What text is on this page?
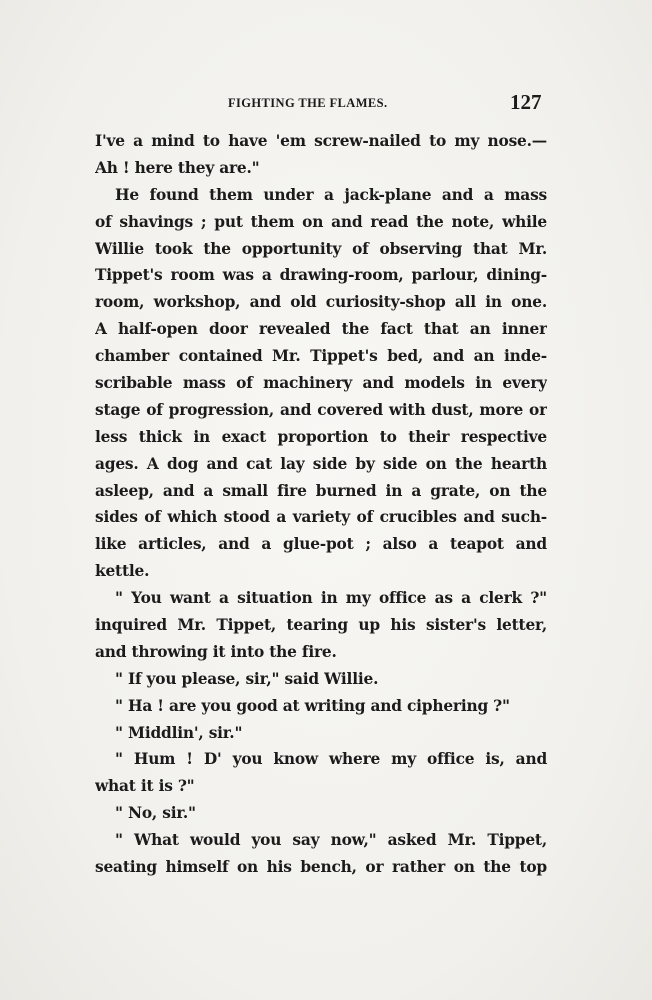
FIGHTING THE FLAMES.	127
I've a mind to have 'em screw-nailed to my nose.—
Ah ! here they are."
He found them under a jack-plane and a mass
of shavings ; put them on and read the note, while
Willie took the opportunity of observing that Mr.
Tippet's room was a drawing-room, parlour, dining-
room, workshop, and old curiosity-shop all in one.
A half-open door revealed the fact that an inner
chamber contained Mr. Tippet's bed, and an inde-
scribable mass of machinery and models in every
stage of progression, and covered with dust, more or
less thick in exact proportion to their respective
ages. A dog and cat lay side by side on the hearth
asleep, and a small fire burned in a grate, on the
sides of which stood a variety of crucibles and such-
like articles, and a glue-pot ; also a teapot and
kettle.
" You want a situation in my office as a clerk ?"
inquired Mr. Tippet, tearing up his sister's letter,
and throwing it into the fire.
" If you please, sir," said Willie.
" Ha ! are you good at writing and ciphering ?"
" Middlin', sir."
" Hum ! D' you know where my office is, and
what it is ?"
" No, sir."
" What would you say now," asked Mr. Tippet,
seating himself on his bench, or rather on the top
